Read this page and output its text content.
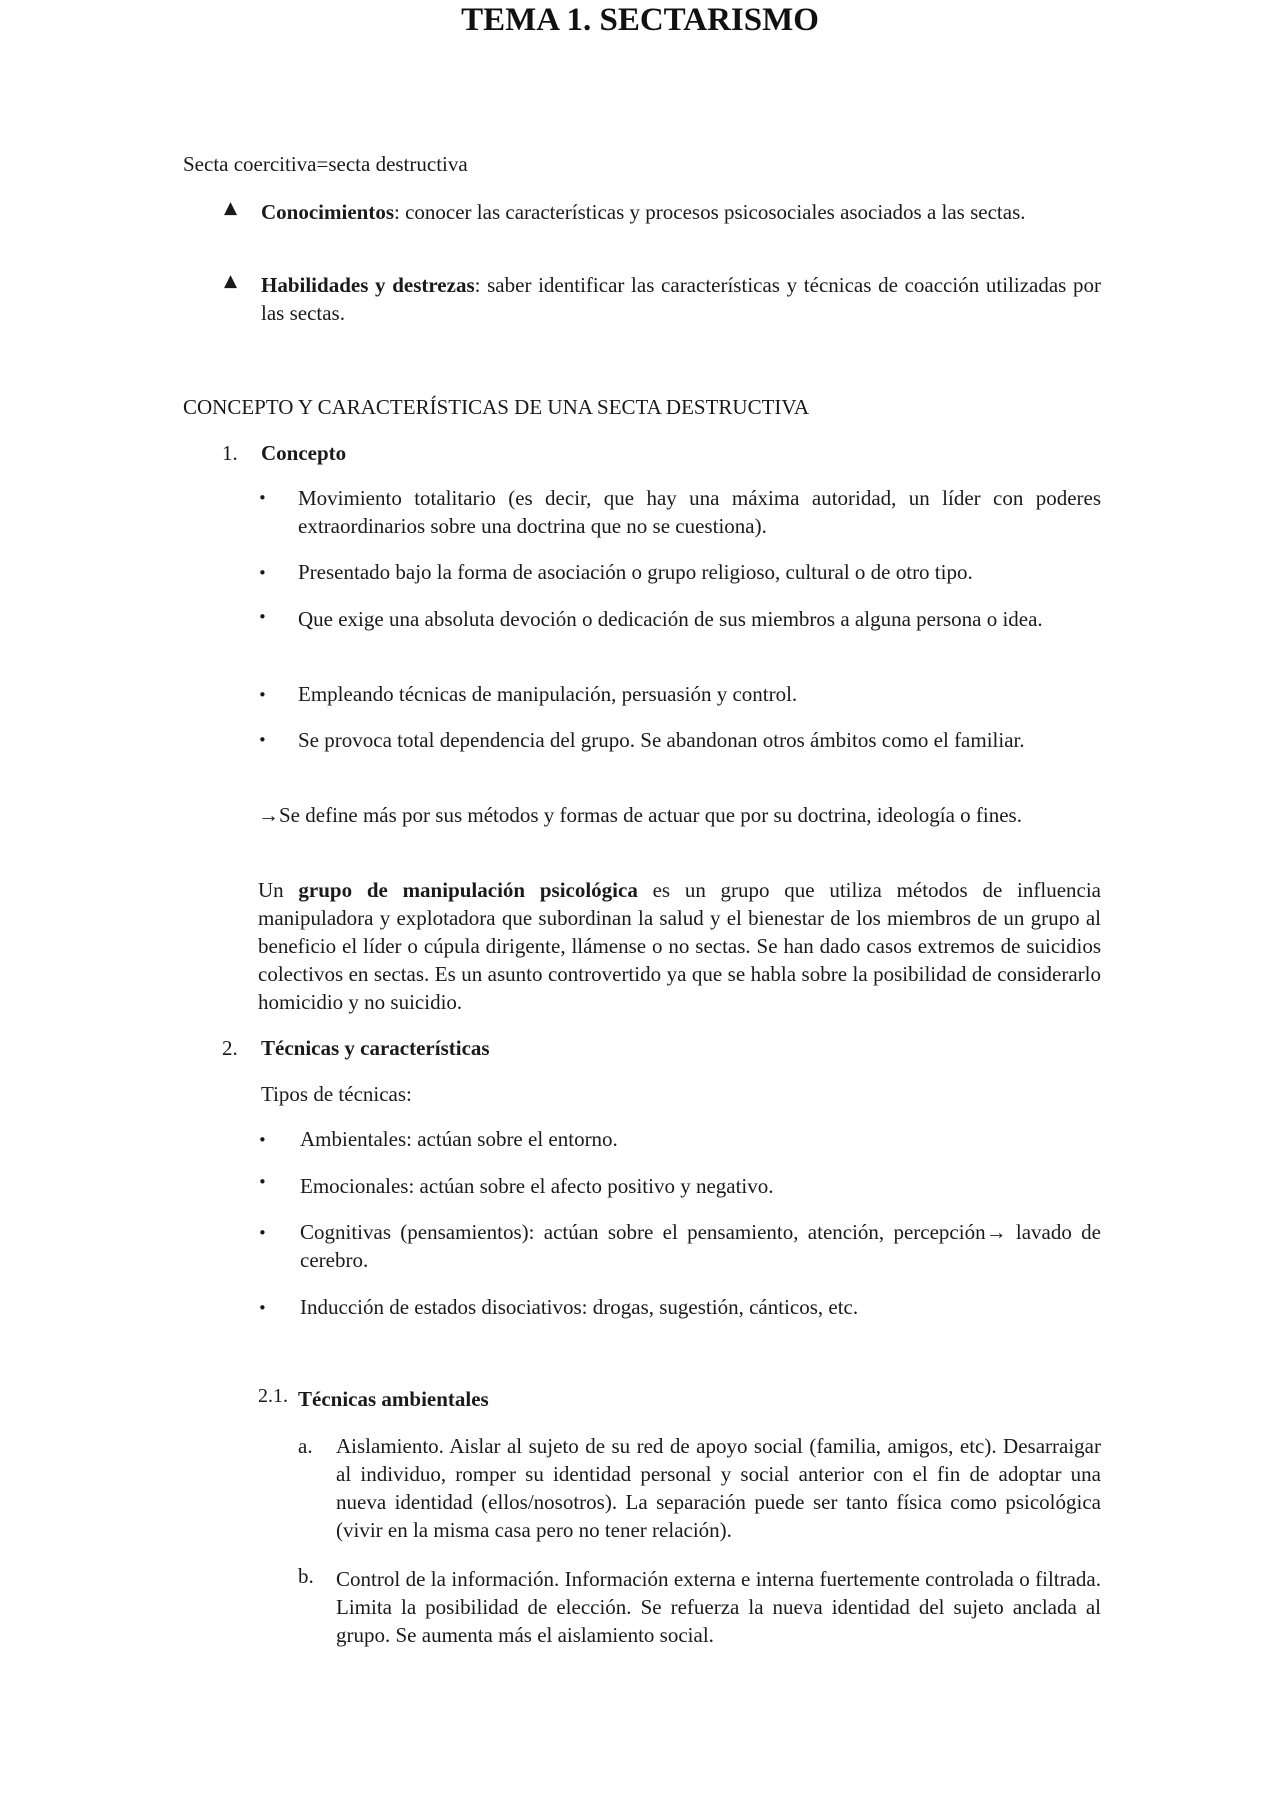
TEMA 1. SECTARISMO
Secta coercitiva=secta destructiva
▲ Conocimientos: conocer las características y procesos psicosociales asociados a las sectas.
▲ Habilidades y destrezas: saber identificar las características y técnicas de coacción utilizadas por las sectas.
CONCEPTO Y CARACTERÍSTICAS DE UNA SECTA DESTRUCTIVA
1. Concepto
• Movimiento totalitario (es decir, que hay una máxima autoridad, un líder con poderes extraordinarios sobre una doctrina que no se cuestiona).
• Presentado bajo la forma de asociación o grupo religioso, cultural o de otro tipo.
• Que exige una absoluta devoción o dedicación de sus miembros a alguna persona o idea.
• Empleando técnicas de manipulación, persuasión y control.
• Se provoca total dependencia del grupo. Se abandonan otros ámbitos como el familiar.
→Se define más por sus métodos y formas de actuar que por su doctrina, ideología o fines.
Un grupo de manipulación psicológica es un grupo que utiliza métodos de influencia manipuladora y explotadora que subordinan la salud y el bienestar de los miembros de un grupo al beneficio el líder o cúpula dirigente, llámense o no sectas. Se han dado casos extremos de suicidios colectivos en sectas. Es un asunto controvertido ya que se habla sobre la posibilidad de considerarlo homicidio y no suicidio.
2. Técnicas y características
Tipos de técnicas:
• Ambientales: actúan sobre el entorno.
• Emocionales: actúan sobre el afecto positivo y negativo.
• Cognitivas (pensamientos): actúan sobre el pensamiento, atención, percepción→ lavado de cerebro.
• Inducción de estados disociativos: drogas, sugestión, cánticos, etc.
2.1. Técnicas ambientales
a. Aislamiento. Aislar al sujeto de su red de apoyo social (familia, amigos, etc). Desarraigar al individuo, romper su identidad personal y social anterior con el fin de adoptar una nueva identidad (ellos/nosotros). La separación puede ser tanto física como psicológica (vivir en la misma casa pero no tener relación).
b. Control de la información. Información externa e interna fuertemente controlada o filtrada. Limita la posibilidad de elección. Se refuerza la nueva identidad del sujeto anclada al grupo. Se aumenta más el aislamiento social.
